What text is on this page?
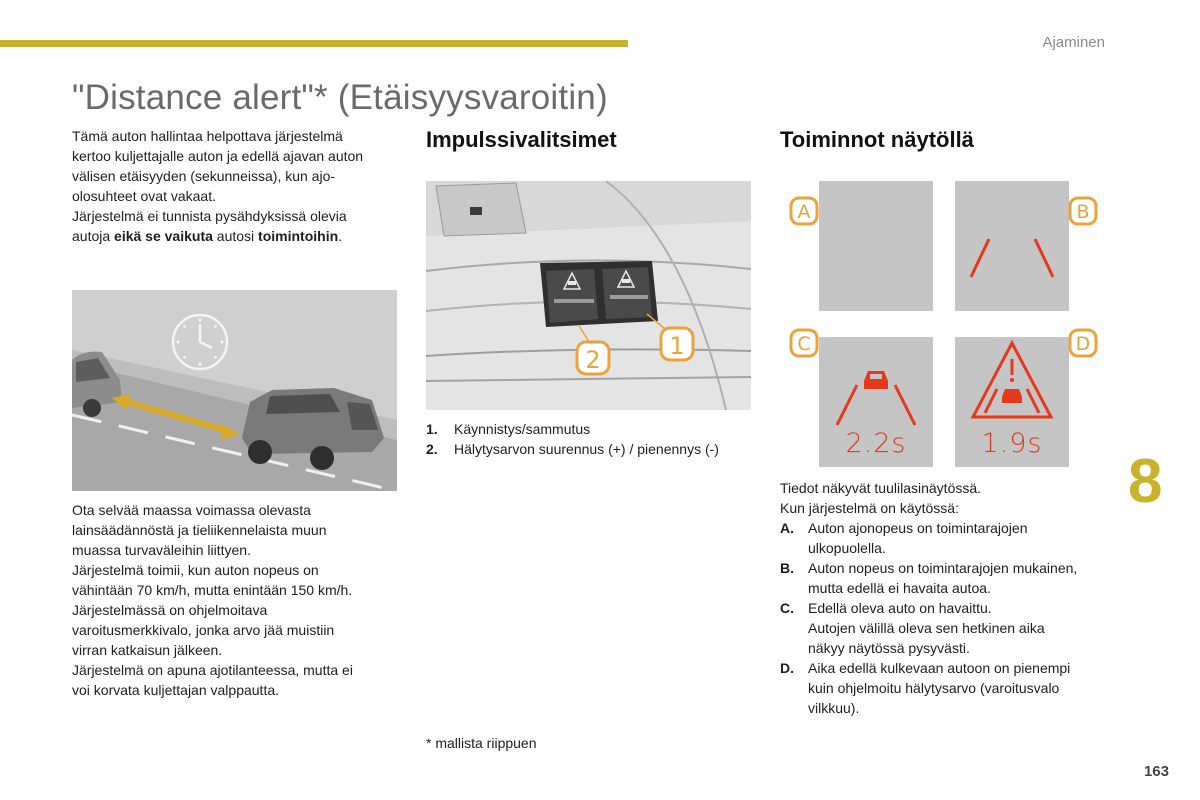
Ajaminen
"Distance alert"* (Etäisyysvaroitin)

Tämä auton hallintaa helpottava järjestelmä

kertoo kuljettajalle auton ja edellä ajavan auton

välisen etäisyyden (sekunneissa), kun ajo-

olosuhteet ovat vakaat.

Järjestelmä ei tunnista pysähdyksissä olevia

autoja eikä se vaikuta autosi toimintoihin.

Ota selvää maassa voimassa olevasta

lainsäädännöstä ja tieliikennelaista muun

muassa turvaväleihin liittyen.

Järjestelmä toimii, kun auton nopeus on

vähintään 70 km/h, mutta enintään 150 km/h.

Järjestelmässä on ohjelmoitava

varoitusmerkkivalo, jonka arvo jää muistiin

virran katkaisun jälkeen.

Järjestelmä on apuna ajotilanteessa, mutta ei

voi korvata kuljettajan valppautta.

Impulssivalitsimet
2	1
1. Käynnistys/sammutus
2. Hälytysarvon suurennus (+) / pienennys (-)
Toiminnot näytöllä
A	B
2.2s
C
1.9s
D
Tiedot näkyvät tuulilasinäytössä.
Kun järjestelmä on käytössä:
A. Auton ajonopeus on toimintarajojen
ulkopuolella.
B. Auton nopeus on toimintarajojen mukainen,
mutta edellä ei havaita autoa.
C. Edellä oleva auto on havaittu.
Autojen välillä oleva sen hetkinen aika
näkyy näytössä pysyvästi.
D. Aika edellä kulkevaan autoon on pienempi
kuin ohjelmoitu hälytysarvo (varoitusvalo
vilkkuu).
8
* mallista riippuen
163
